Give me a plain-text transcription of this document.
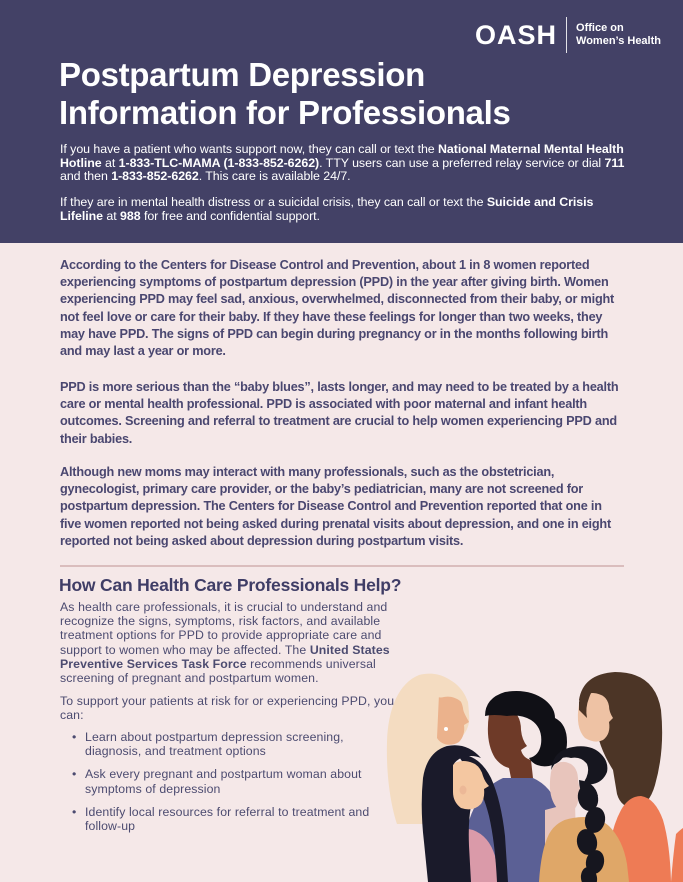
OASH Office on
Women’s Health
Postpartum Depression
Information for Professionals

If you have a patient who wants support now, they can call or text the National Maternal Mental Health Hotline at 1-833-TLC-MAMA (1-833-852-6262). TTY users can use a preferred relay service or dial 711 and then 1-833-852-6262. This care is available 24/7.

If they are in mental health distress or a suicidal crisis, they can call or text the Suicide and Crisis Lifeline at 988 for free and confidential support.

According to the Centers for Disease Control and Prevention, about 1 in 8 women reported experiencing symptoms of postpartum depression (PPD) in the year after giving birth. Women experiencing PPD may feel sad, anxious, overwhelmed, disconnected from their baby, or might not feel love or care for their baby. If they have these feelings for longer than two weeks, they may have PPD. The signs of PPD can begin during pregnancy or in the months following birth and may last a year or more.

PPD is more serious than the “baby blues”, lasts longer, and may need to be treated by a health care or mental health professional. PPD is associated with poor maternal and infant health outcomes. Screening and referral to treatment are crucial to help women experiencing PPD and their babies.

Although new moms may interact with many professionals, such as the obstetrician, gynecologist, primary care provider, or the baby’s pediatrician, many are not screened for postpartum depression. The Centers for Disease Control and Prevention reported that one in five women reported not being asked during prenatal visits about depression, and one in eight reported not being asked about depression during postpartum visits.

How Can Health Care Professionals Help?

As health care professionals, it is crucial to understand and recognize the signs, symptoms, risk factors, and available treatment options for PPD to provide appropriate care and support to women who may be affected. The United States Preventive Services Task Force recommends universal screening of pregnant and postpartum women.

To support your patients at risk for or experiencing PPD, you can:

• Learn about postpartum depression screening, diagnosis, and treatment options
• Ask every pregnant and postpartum woman about symptoms of depression
• Identify local resources for referral to treatment and follow-up
